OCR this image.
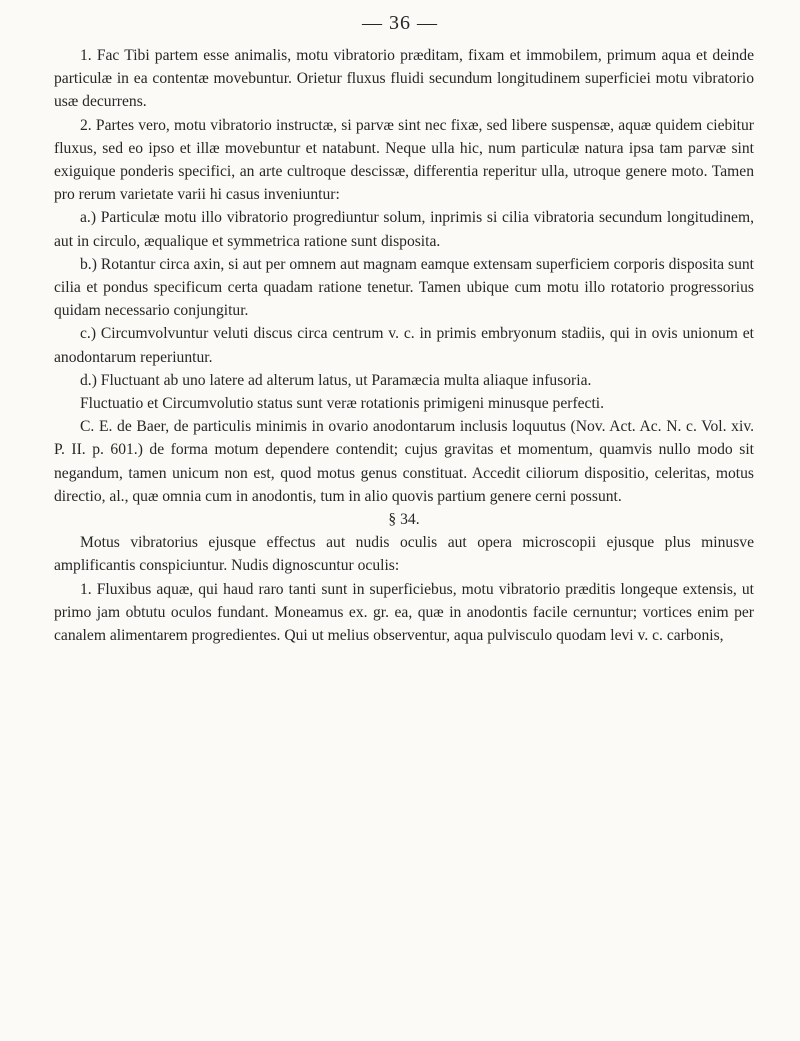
— 36 —

1. Fac Tibi partem esse animalis, motu vibratorio prӕditam, fixam et immobilem, primum aqua et deinde particulӕ in ea contentӕ movebuntur. Orietur fluxus fluidi secundum longitudinem superficiei motu vibratorio usӕ decurrens.

2. Partes vero, motu vibratorio instructӕ, si parvӕ sint nec fixӕ, sed libere suspensӕ, aquӕ quidem ciebitur fluxus, sed eo ipso et illӕ movebuntur et natabunt. Neque ulla hic, num particulӕ natura ipsa tam parvӕ sint exiguique ponderis specifici, an arte cultroque descissӕ, differentia reperitur ulla, utroque genere moto. Tamen pro rerum varietate varii hi casus inveniuntur:

a.) Particulӕ motu illo vibratorio progrediuntur solum, inprimis si cilia vibratoria secundum longitudinem, aut in circulo, ӕqualique et symmetrica ratione sunt disposita.

b.) Rotantur circa axin, si aut per omnem aut magnam eamque extensam superficiem corporis disposita sunt cilia et pondus specificum certa quadam ratione tenetur. Tamen ubique cum motu illo rotatorio progressorius quidam necessario conjungitur.

c.) Circumvolvuntur veluti discus circa centrum v. c. in primis embryonum stadiis, qui in ovis unionum et anodontarum reperiuntur.

d.) Fluctuant ab uno latere ad alterum latus, ut Paramӕcia multa aliaque infusoria.

Fluctuatio et Circumvolutio status sunt verӕ rotationis primigeni minusque perfecti.

C. E. de Baer, de particulis minimis in ovario anodontarum inclusis loquutus (Nov. Act. Ac. N. c. Vol. xiv. P. II. p. 601.) de forma motum dependere contendit; cujus gravitas et momentum, quamvis nullo modo sit negandum, tamen unicum non est, quod motus genus constituat. Accedit ciliorum dispositio, celeritas, motus directio, al., quӕ omnia cum in anodontis, tum in alio quovis partium genere cerni possunt.

§ 34.

Motus vibratorius ejusque effectus aut nudis oculis aut opera microscopii ejusque plus minusve amplificantis conspiciuntur. Nudis dignoscuntur oculis:

1. Fluxibus aquӕ, qui haud raro tanti sunt in superficiebus, motu vibratorio prӕditis longeque extensis, ut primo jam obtutu oculos fundant. Moneamus ex. gr. ea, quӕ in anodontis facile cernuntur; vortices enim per canalem alimentarem progredientes. Qui ut melius observentur, aqua pulvisculo quodam levi v. c. carbonis,
